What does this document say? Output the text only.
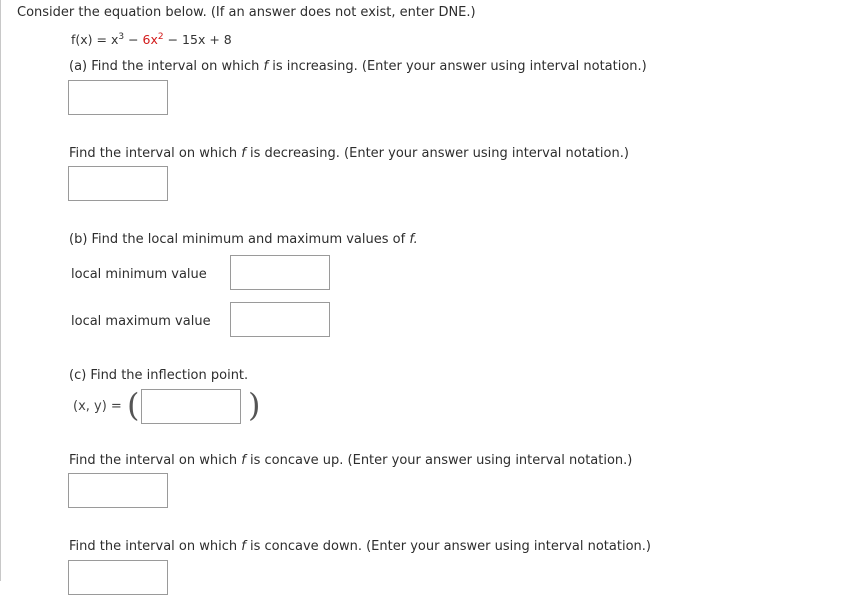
Consider the equation below. (If an answer does not exist, enter DNE.)
$f(x) = x^3 - 6x^2 - 15x + 8$
(a) Find the interval on which f is increasing. (Enter your answer using interval notation.)
Find the interval on which f is decreasing. (Enter your answer using interval notation.)
(b) Find the local minimum and maximum values of f.
local minimum value
local maximum value
(c) Find the inflection point.
(x, y) = (	)
Find the interval on which f is concave up. (Enter your answer using interval notation.)
Find the interval on which f is concave down. (Enter your answer using interval notation.)
